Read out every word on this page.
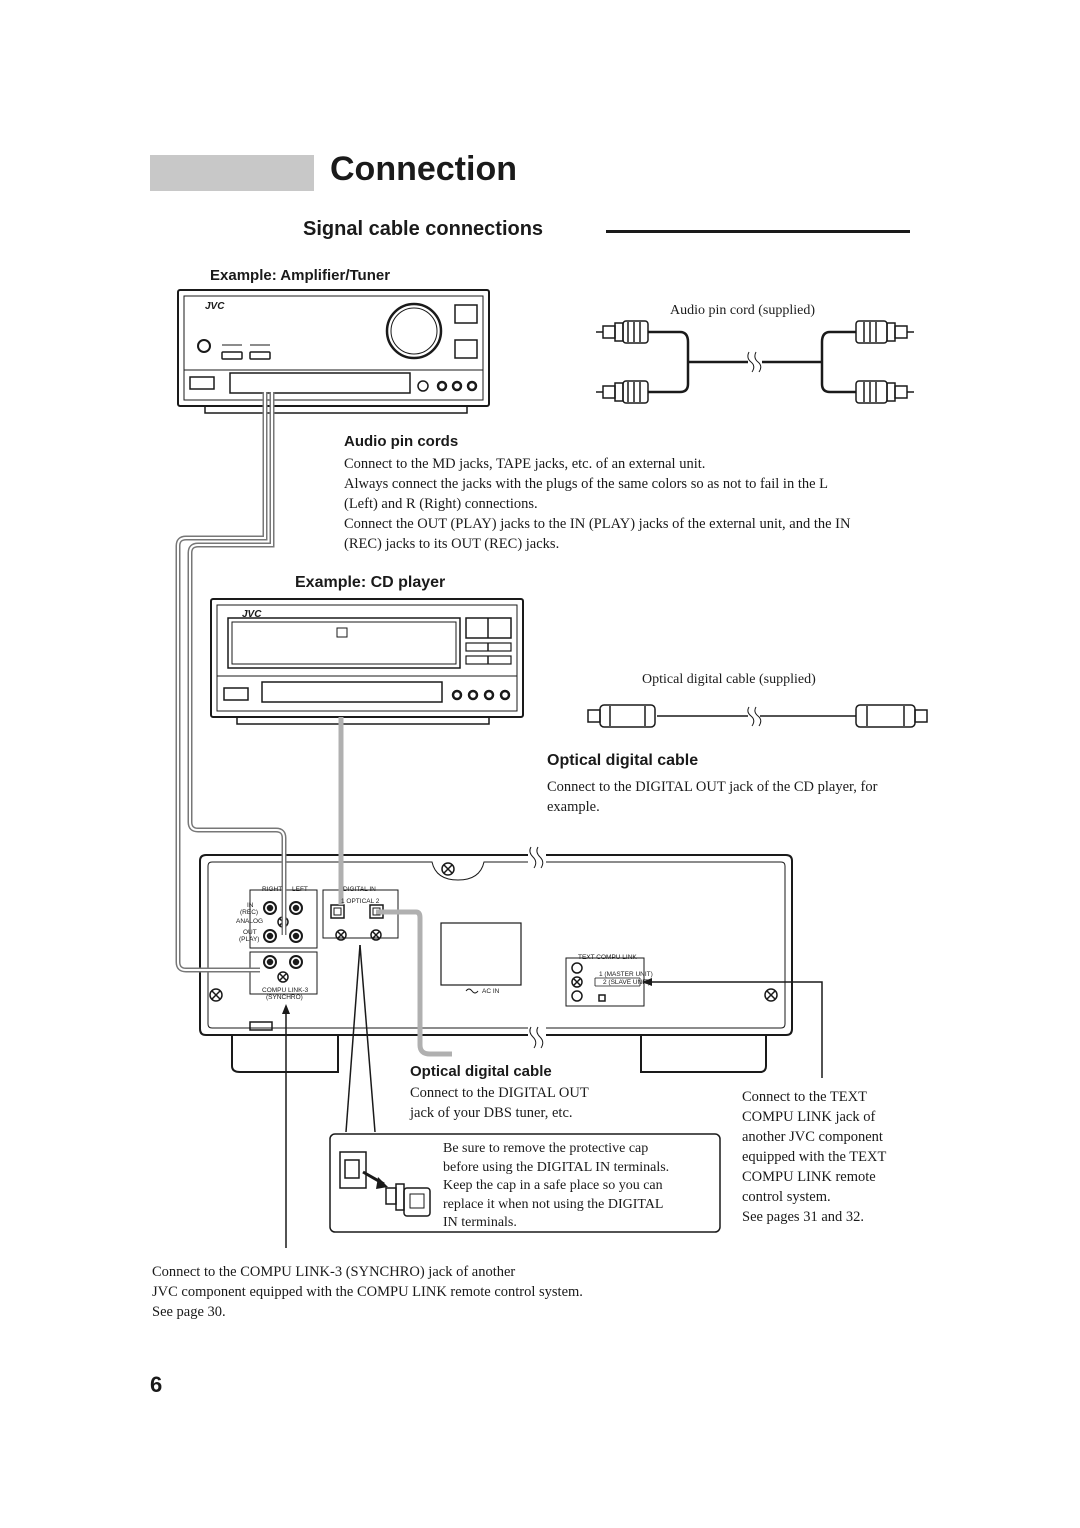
Connection
Signal cable connections
Example: Amplifier/Tuner
Audio pin cord (supplied)
Audio pin cords
Connect to the MD jacks, TAPE jacks, etc. of an external unit.
Always connect the jacks with the plugs of the same colors so as not to fail in the L
(Left) and R (Right) connections.
Connect the OUT (PLAY) jacks to the IN (PLAY) jacks of the external unit, and the IN
(REC) jacks to its OUT (REC) jacks.
Example: CD player
Optical digital cable (supplied)
Optical digital cable
Connect to the DIGITAL OUT jack of the CD player, for
example.
Optical digital cable
Connect to the DIGITAL OUT
jack of your DBS tuner, etc.
Be sure to remove the protective cap
before using the DIGITAL IN terminals.
Keep the cap in a safe place so you can
replace it when not using the DIGITAL
IN terminals.
Connect to the TEXT
COMPU LINK jack of
another JVC component
equipped with the TEXT
COMPU LINK remote
control system.
See pages 31 and 32.
Connect to the COMPU LINK-3 (SYNCHRO) jack of another
JVC component equipped with the COMPU LINK remote control system.
See page 30.
6
JVC
JVC
RIGHT LEFT
IN
(REC)
ANALOG
OUT
(PLAY)
COMPU LINK-3
(SYNCHRO)
DIGITAL IN
1 OPTICAL 2
AC IN
TEXT COMPU LINK
1 (MASTER UNIT)
2 (SLAVE UNIT)
